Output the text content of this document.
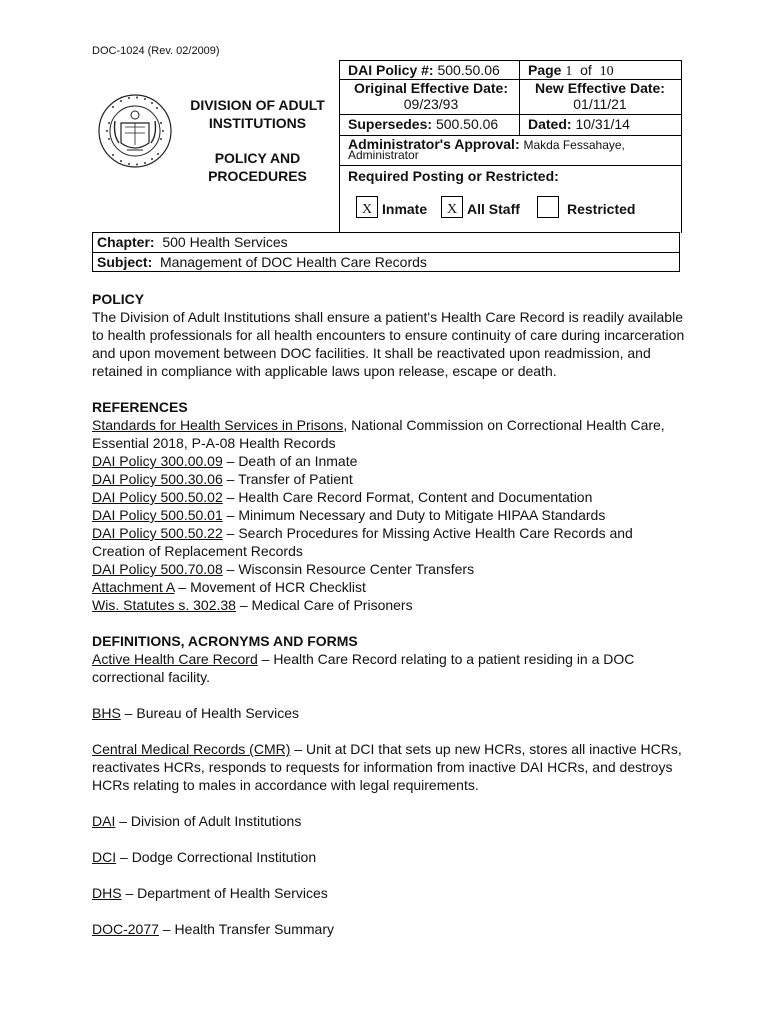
DOC-1024 (Rev. 02/2009)
DIVISION OF ADULT
INSTITUTIONS
POLICY AND
PROCEDURES
DAI Policy #: 500.50.06 Page 1 of 10
Original Effective Date:
09/23/93
New Effective Date:
01/11/21
Supersedes: 500.50.06 Dated: 10/31/14
Administrator's Approval: Makda Fessahaye,
Administrator
Required Posting or Restricted:
X Inmate	X All Staff	Restricted
Chapter: 500 Health Services
Subject: Management of DOC Health Care Records

POLICY

The Division of Adult Institutions shall ensure a patient's Health Care Record is readily available to health professionals for all health encounters to ensure continuity of care during incarceration and upon movement between DOC facilities. It shall be reactivated upon readmission, and retained in compliance with applicable laws upon release, escape or death.

REFERENCES

Standards for Health Services in Prisons, National Commission on Correctional Health Care, Essential 2018, P-A-08 Health Records

DAI Policy 300.00.09 – Death of an Inmate

DAI Policy 500.30.06 – Transfer of Patient

DAI Policy 500.50.02 – Health Care Record Format, Content and Documentation

DAI Policy 500.50.01 – Minimum Necessary and Duty to Mitigate HIPAA Standards

DAI Policy 500.50.22 – Search Procedures for Missing Active Health Care Records and Creation of Replacement Records

DAI Policy 500.70.08 – Wisconsin Resource Center Transfers

Attachment A – Movement of HCR Checklist

Wis. Statutes s. 302.38 – Medical Care of Prisoners

DEFINITIONS, ACRONYMS AND FORMS

Active Health Care Record – Health Care Record relating to a patient residing in a DOC correctional facility.

BHS – Bureau of Health Services

Central Medical Records (CMR) – Unit at DCI that sets up new HCRs, stores all inactive HCRs, reactivates HCRs, responds to requests for information from inactive DAI HCRs, and destroys HCRs relating to males in accordance with legal requirements.

DAI – Division of Adult Institutions

DCI – Dodge Correctional Institution

DHS – Department of Health Services

DOC-2077 – Health Transfer Summary
